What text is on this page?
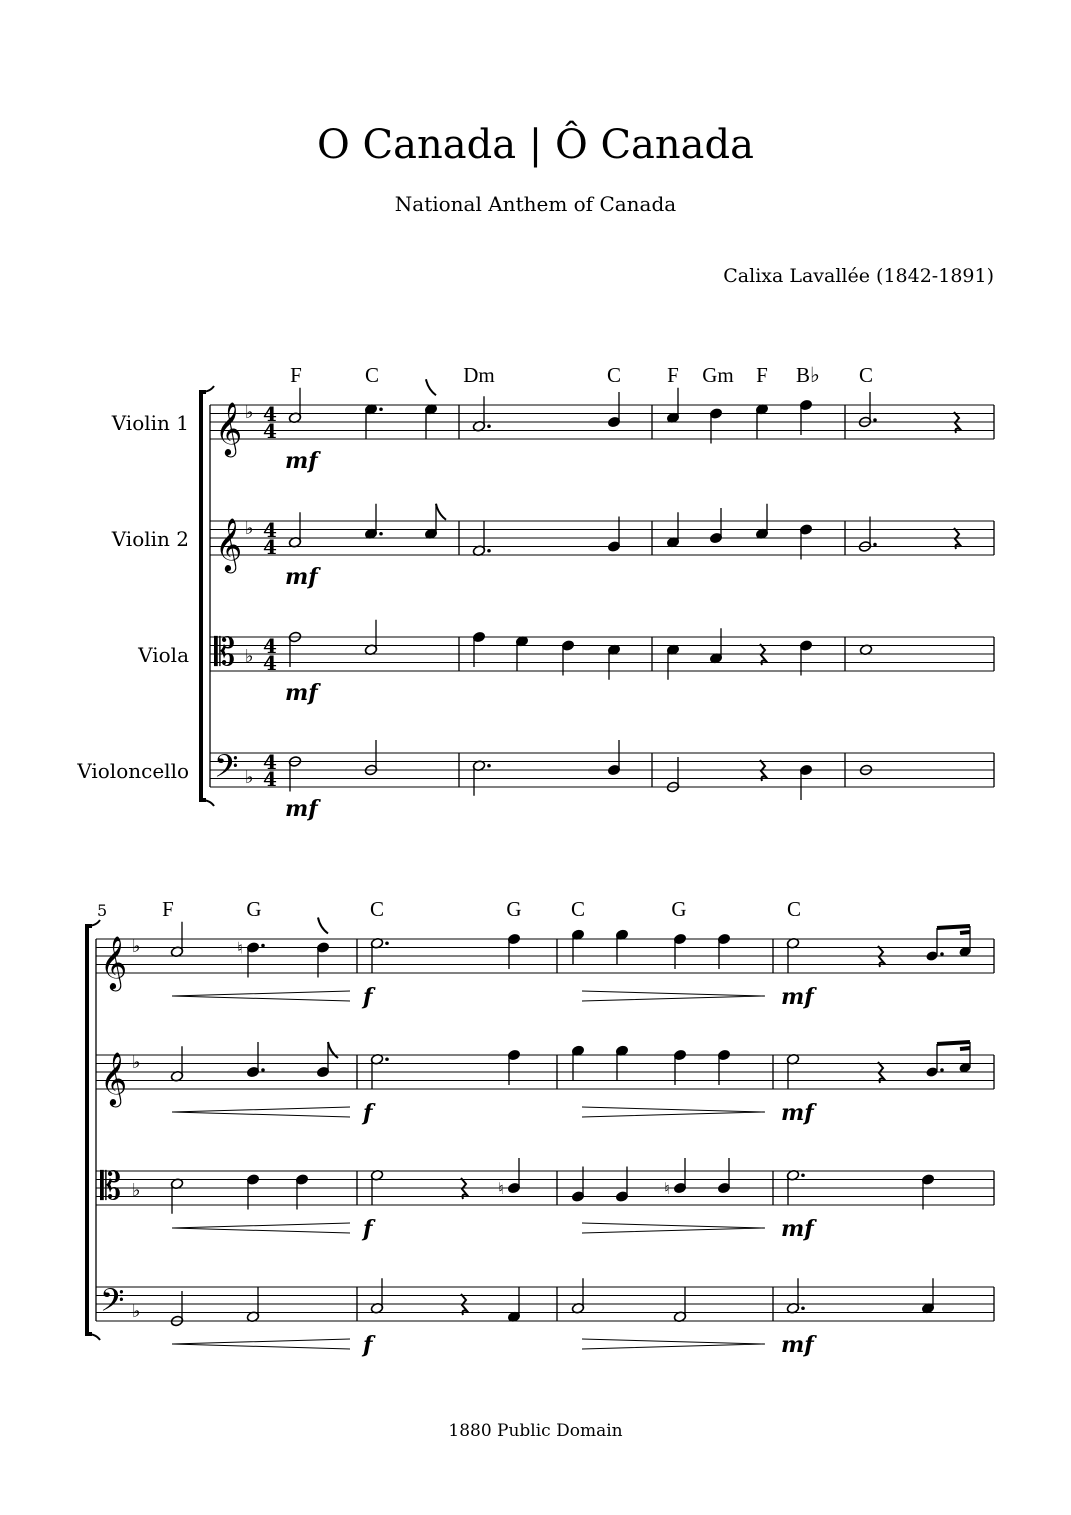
O Canada | Ô Canada
National Anthem of Canada
Calixa Lavallée (1842-1891)
𝄞
𝄞
𝄡
𝄢
♭
♭
♭
♭
4
4
4
4
4
4
4
4
𝄞
𝄞
𝄡
𝄢
♭
♭
♭
♭
♮
♮	♮
Violin 1
Violin 2
Viola
Violoncello
5
F	C	Dm	C F Gm F B♭ C
F	G	C	G C	G	C
mf
mf
mf
mf
f
f
f
f
mf
mf
mf
mf
1880 Public Domain
